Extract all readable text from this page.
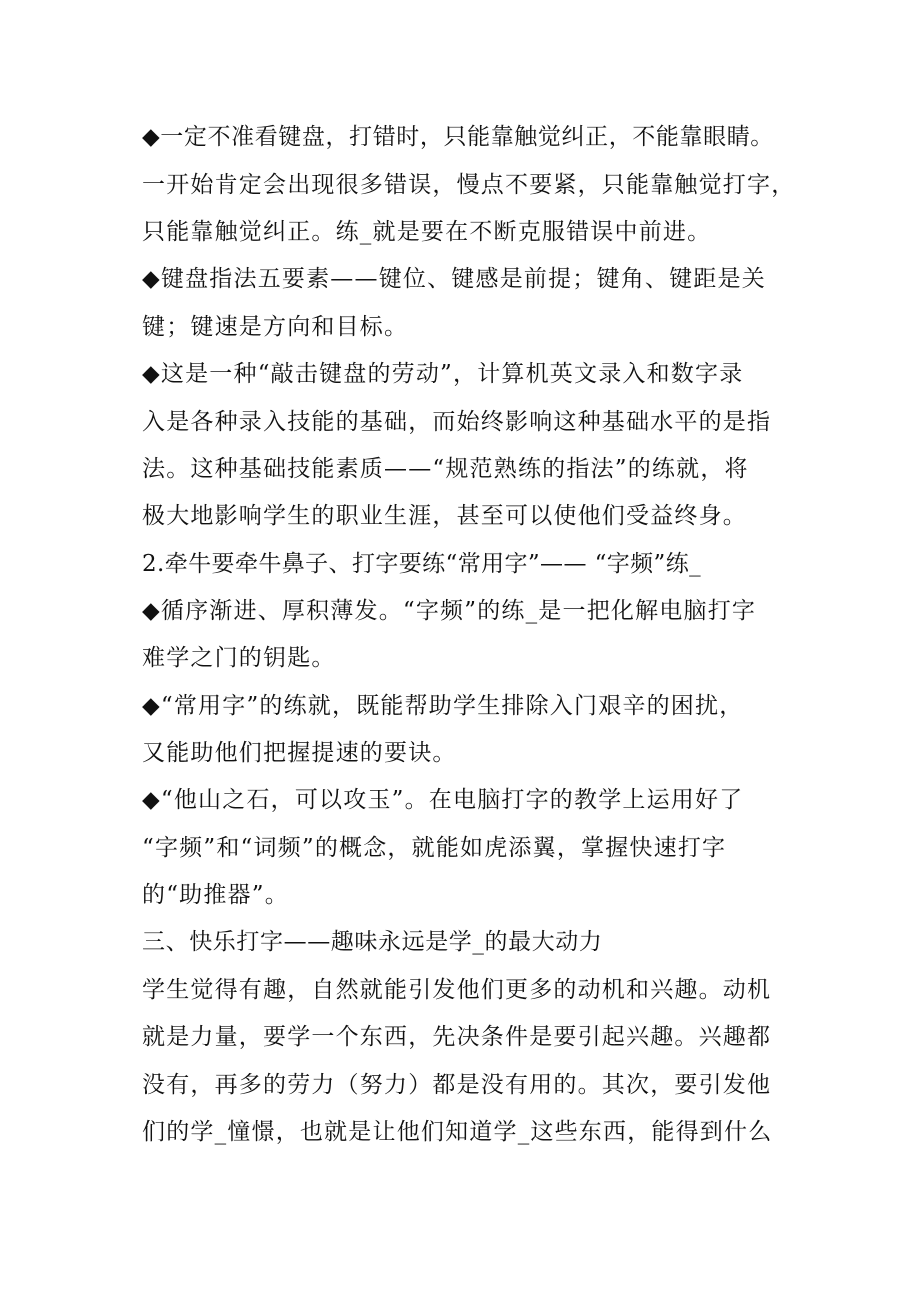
◆一定不准看键盘，打错时，只能靠触觉纠正，不能靠眼睛。
一开始肯定会出现很多错误，慢点不要紧，只能靠触觉打字，
只能靠触觉纠正。练_就是要在不断克服错误中前进。
◆键盘指法五要素——键位、键感是前提；键角、键距是关
键；键速是方向和目标。
◆这是一种“敲击键盘的劳动”，计算机英文录入和数字录
入是各种录入技能的基础，而始终影响这种基础水平的是指
法。这种基础技能素质——“规范熟练的指法”的练就，将
极大地影响学生的职业生涯，甚至可以使他们受益终身。
2.牵牛要牵牛鼻子、打字要练“常用字”—— “字频”练_
◆循序渐进、厚积薄发。“字频”的练_是一把化解电脑打字
难学之门的钥匙。
◆“常用字”的练就，既能帮助学生排除入门艰辛的困扰，
又能助他们把握提速的要诀。
◆“他山之石，可以攻玉”。在电脑打字的教学上运用好了
“字频”和“词频”的概念，就能如虎添翼，掌握快速打字
的“助推器”。
三、快乐打字——趣味永远是学_的最大动力
学生觉得有趣，自然就能引发他们更多的动机和兴趣。动机
就是力量，要学一个东西，先决条件是要引起兴趣。兴趣都
没有，再多的劳力（努力）都是没有用的。其次，要引发他
们的学_憧憬，也就是让他们知道学_这些东西，能得到什么
